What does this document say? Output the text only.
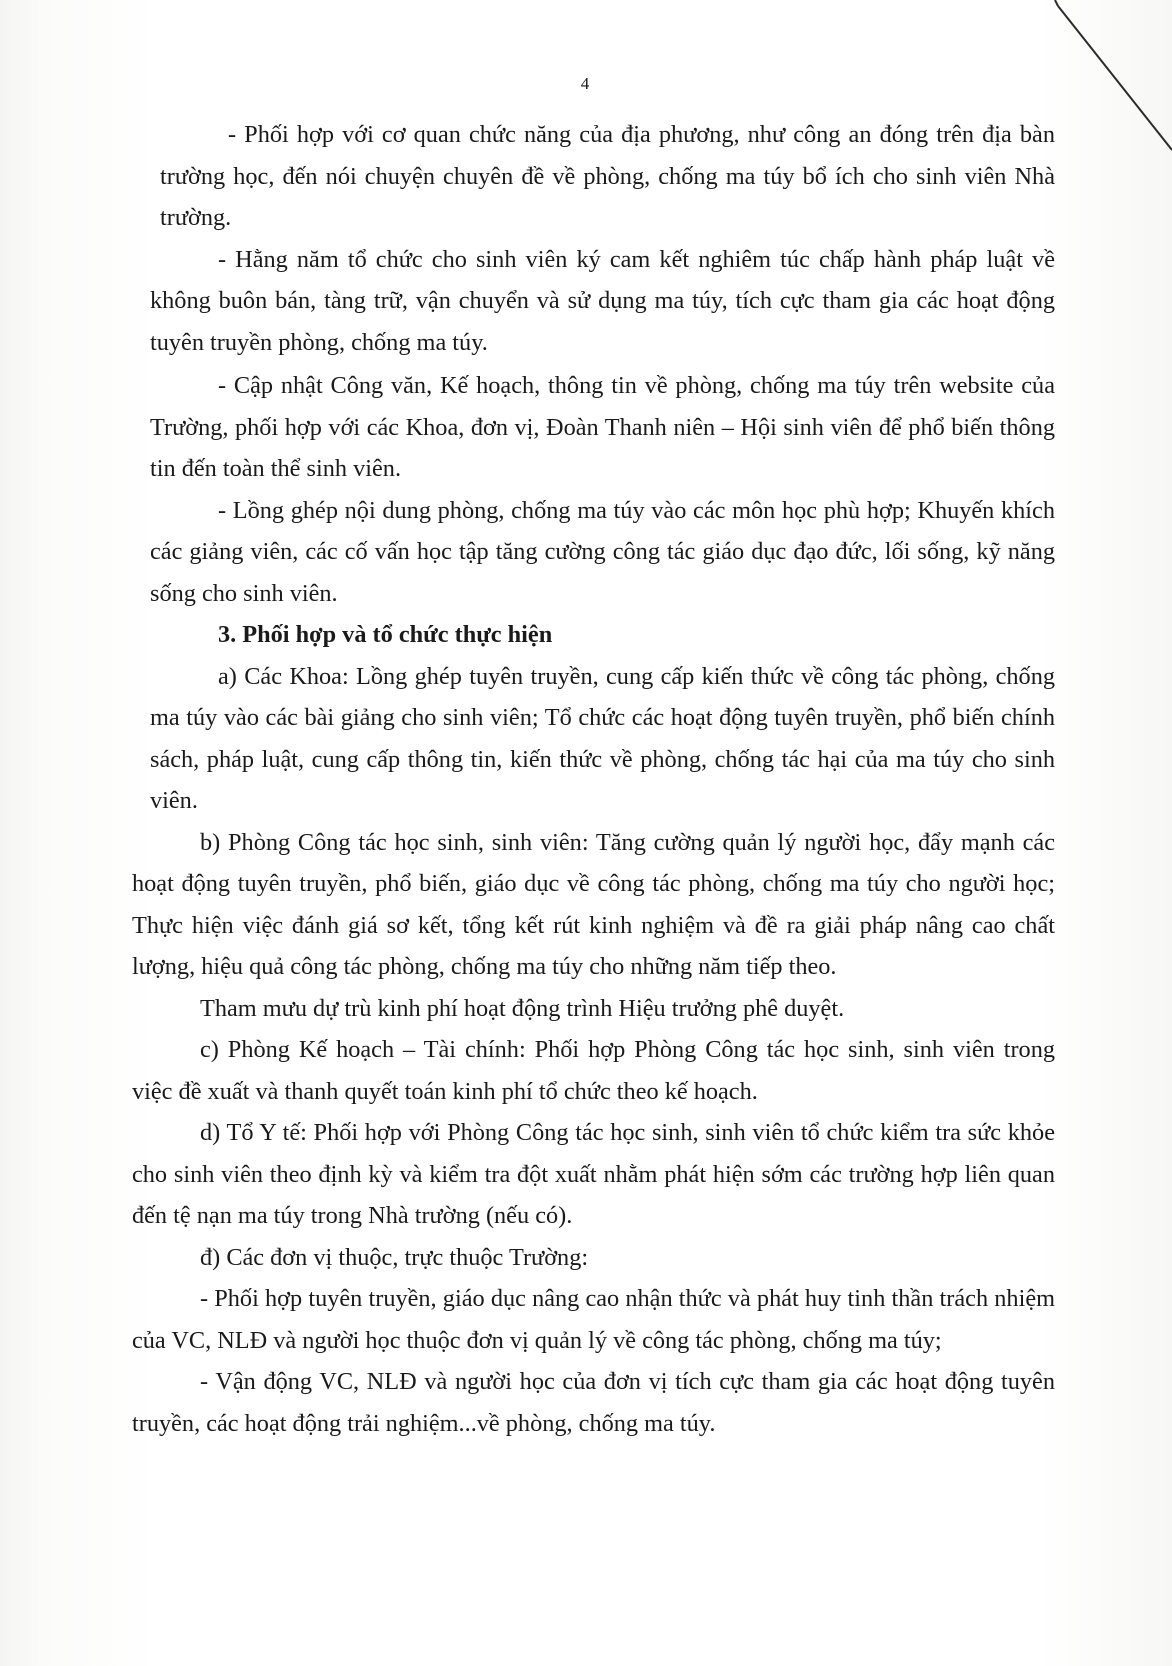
4

- Phối hợp với cơ quan chức năng của địa phương, như công an đóng trên địa bàn trường học, đến nói chuyện chuyên đề về phòng, chống ma túy bổ ích cho sinh viên Nhà trường.

- Hằng năm tổ chức cho sinh viên ký cam kết nghiêm túc chấp hành pháp luật về không buôn bán, tàng trữ, vận chuyển và sử dụng ma túy, tích cực tham gia các hoạt động tuyên truyền phòng, chống ma túy.

- Cập nhật Công văn, Kế hoạch, thông tin về phòng, chống ma túy trên website của Trường, phối hợp với các Khoa, đơn vị, Đoàn Thanh niên – Hội sinh viên để phổ biến thông tin đến toàn thể sinh viên.

- Lồng ghép nội dung phòng, chống ma túy vào các môn học phù hợp; Khuyến khích các giảng viên, các cố vấn học tập tăng cường công tác giáo dục đạo đức, lối sống, kỹ năng sống cho sinh viên.

3. Phối hợp và tổ chức thực hiện

a) Các Khoa: Lồng ghép tuyên truyền, cung cấp kiến thức về công tác phòng, chống ma túy vào các bài giảng cho sinh viên; Tổ chức các hoạt động tuyên truyền, phổ biến chính sách, pháp luật, cung cấp thông tin, kiến thức về phòng, chống tác hại của ma túy cho sinh viên.

b) Phòng Công tác học sinh, sinh viên: Tăng cường quản lý người học, đẩy mạnh các hoạt động tuyên truyền, phổ biến, giáo dục về công tác phòng, chống ma túy cho người học; Thực hiện việc đánh giá sơ kết, tổng kết rút kinh nghiệm và đề ra giải pháp nâng cao chất lượng, hiệu quả công tác phòng, chống ma túy cho những năm tiếp theo.

Tham mưu dự trù kinh phí hoạt động trình Hiệu trưởng phê duyệt.

c) Phòng Kế hoạch – Tài chính: Phối hợp Phòng Công tác học sinh, sinh viên trong việc đề xuất và thanh quyết toán kinh phí tổ chức theo kế hoạch.

d) Tổ Y tế: Phối hợp với Phòng Công tác học sinh, sinh viên tổ chức kiểm tra sức khỏe cho sinh viên theo định kỳ và kiểm tra đột xuất nhằm phát hiện sớm các trường hợp liên quan đến tệ nạn ma túy trong Nhà trường (nếu có).

đ) Các đơn vị thuộc, trực thuộc Trường:

- Phối hợp tuyên truyền, giáo dục nâng cao nhận thức và phát huy tinh thần trách nhiệm của VC, NLĐ và người học thuộc đơn vị quản lý về công tác phòng, chống ma túy;

- Vận động VC, NLĐ và người học của đơn vị tích cực tham gia các hoạt động tuyên truyền, các hoạt động trải nghiệm...về phòng, chống ma túy.
